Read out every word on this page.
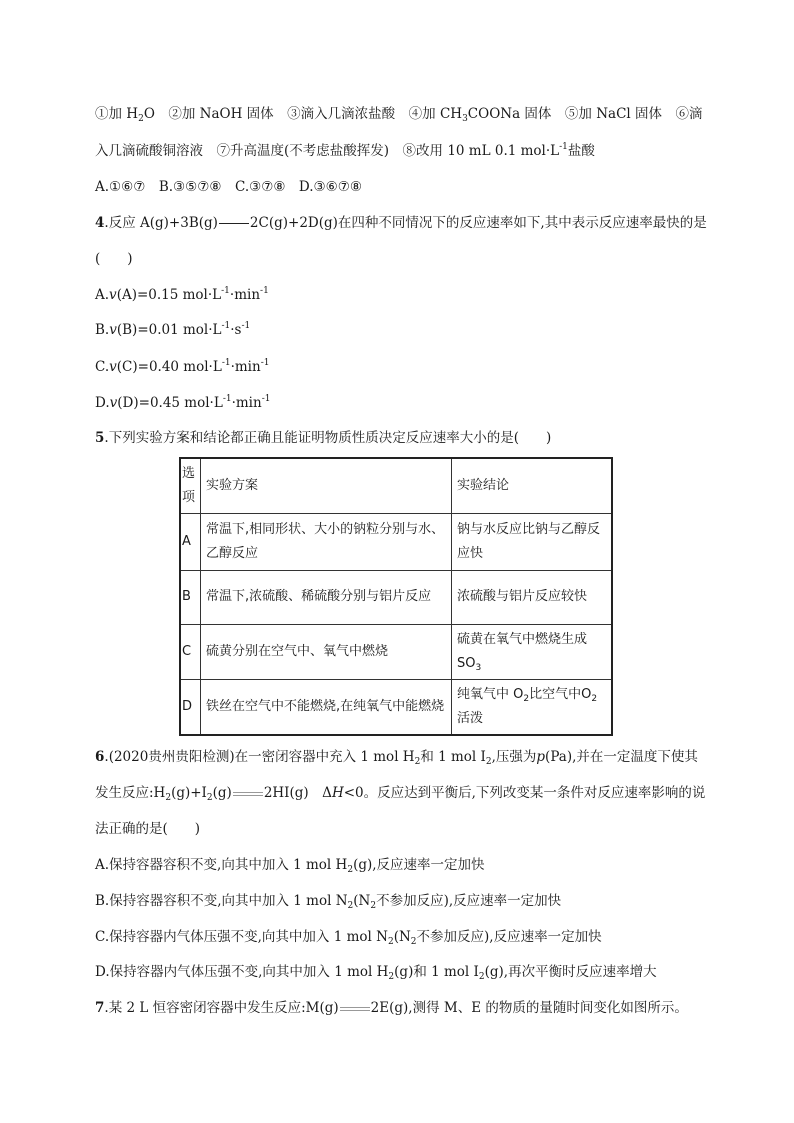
①加 $H_2O$　②加 NaOH 固体　③滴入几滴浓盐酸　④加 $CH_3COONa$ 固体　⑤加 NaCl 固体　⑥滴
入几滴硫酸铜溶液　⑦升高温度(不考虑盐酸挥发)　⑧改用 10 mL 0.1 $mol\cdot L^{-1}$盐酸
A.①⑥⑦　B.③⑤⑦⑧　C.③⑦⑧　D.③⑥⑦⑧
4.反应 A(g)+3B(g) 2C(g)+2D(g)在四种不同情况下的反应速率如下,其中表示反应速率最快的是
(　　)
A.v(A)=0.15 $mol\cdot L^{-1}\cdot\min^{-1}$
B.v(B)=0.01 $mol\cdot L^{-1}\cdot s^{-1}$
C.v(C)=0.40 $mol\cdot L^{-1}\cdot\min^{-1}$
D.v(D)=0.45 $mol\cdot L^{-1}\cdot\min^{-1}$
5.下列实验方案和结论都正确且能证明物质性质决定反应速率大小的是(　　)
选项	实验方案	实验结论
A	常温下,相同形状、大小的钠粒分别与水、乙醇反应	钠与水反应比钠与乙醇反应快
B	常温下,浓硫酸、稀硫酸分别与铝片反应	浓硫酸与铝片反应较快
C	硫黄分别在空气中、氧气中燃烧	硫黄在氧气中燃烧生成$SO_3$
D	铁丝在空气中不能燃烧,在纯氧气中能燃烧	纯氧气中 $O_2$比空气中$O_2$活泼
6.(2020贵州贵阳检测)在一密闭容器中充入 1 mol $H_2$和 1 mol $I_2$,压强为p(Pa),并在一定温度下使其
发生反应$:H_2(g)+I_2(g)$ 2HI(g)　ΔH<0。反应达到平衡后,下列改变某一条件对反应速率影响的说
法正确的是(　　)
A.保持容器容积不变,向其中加入 1 mol $H_2(g)$,反应速率一定加快
B.保持容器容积不变,向其中加入 1 mol $N_2(N_2$不参加反应),反应速率一定加快
C.保持容器内气体压强不变,向其中加入 1 mol $N_2(N_2$不参加反应),反应速率一定加快
D.保持容器内气体压强不变,向其中加入 1 mol $H_2(g)$和 1 mol $I_2(g)$,再次平衡时反应速率增大
7.某 2 L 恒容密闭容器中发生反应:M(g) 2E(g),测得 M、E 的物质的量随时间变化如图所示。
